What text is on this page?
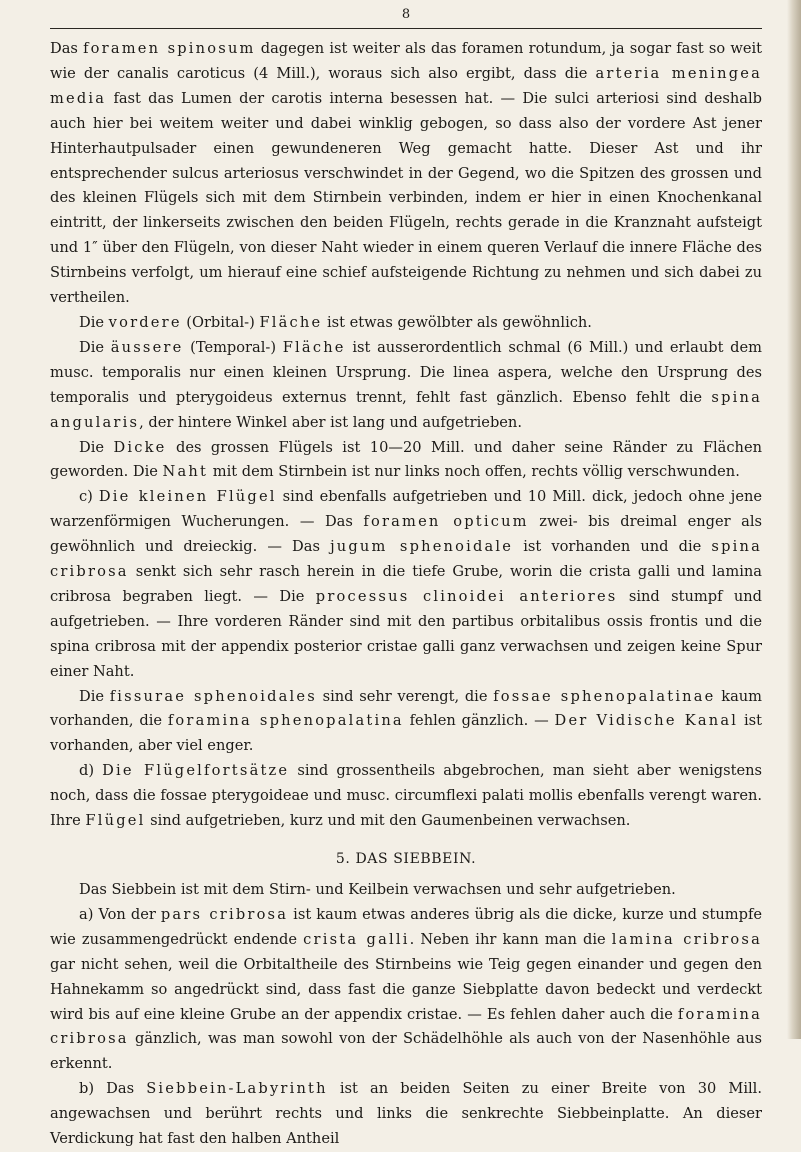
8

Das foramen spinosum dagegen ist weiter als das foramen rotundum, ja sogar fast so weit wie der canalis caroticus (4 Mill.), woraus sich also ergibt, dass die arteria meningea media fast das Lumen der carotis interna besessen hat. — Die sulci arteriosi sind deshalb auch hier bei weitem weiter und dabei winklig gebogen, so dass also der vordere Ast jener Hinterhautpulsader einen gewundeneren Weg gemacht hatte. Dieser Ast und ihr entsprechender sulcus arteriosus verschwindet in der Gegend, wo die Spitzen des grossen und des kleinen Flügels sich mit dem Stirnbein verbinden, indem er hier in einen Knochenkanal eintritt, der linkerseits zwischen den beiden Flügeln, rechts gerade in die Kranznaht aufsteigt und 1″ über den Flügeln, von dieser Naht wieder in einem queren Verlauf die innere Fläche des Stirnbeins verfolgt, um hierauf eine schief aufsteigende Richtung zu nehmen und sich dabei zu vertheilen.

Die vordere (Orbital-) Fläche ist etwas gewölbter als gewöhnlich.

Die äussere (Temporal-) Fläche ist ausserordentlich schmal (6 Mill.) und erlaubt dem musc. temporalis nur einen kleinen Ursprung. Die linea aspera, welche den Ursprung des temporalis und pterygoideus externus trennt, fehlt fast gänzlich. Ebenso fehlt die spina angularis, der hintere Winkel aber ist lang und aufgetrieben.

Die Dicke des grossen Flügels ist 10—20 Mill. und daher seine Ränder zu Flächen geworden. Die Naht mit dem Stirnbein ist nur links noch offen, rechts völlig verschwunden.

c) Die kleinen Flügel sind ebenfalls aufgetrieben und 10 Mill. dick, jedoch ohne jene warzenförmigen Wucherungen. — Das foramen opticum zwei- bis dreimal enger als gewöhnlich und dreieckig. — Das jugum sphenoidale ist vorhanden und die spina cribrosa senkt sich sehr rasch herein in die tiefe Grube, worin die crista galli und lamina cribrosa begraben liegt. — Die processus clinoidei anteriores sind stumpf und aufgetrieben. — Ihre vorderen Ränder sind mit den partibus orbitalibus ossis frontis und die spina cribrosa mit der appendix posterior cristae galli ganz verwachsen und zeigen keine Spur einer Naht.

Die fissurae sphenoidales sind sehr verengt, die fossae sphenopalatinae kaum vorhanden, die foramina sphenopalatina fehlen gänzlich. — Der Vidische Kanal ist vorhanden, aber viel enger.

d) Die Flügelfortsätze sind grossentheils abgebrochen, man sieht aber wenigstens noch, dass die fossae pterygoideae und musc. circumflexi palati mollis ebenfalls verengt waren. Ihre Flügel sind aufgetrieben, kurz und mit den Gaumenbeinen verwachsen.

5. DAS SIEBBEIN.

Das Siebbein ist mit dem Stirn- und Keilbein verwachsen und sehr aufgetrieben.

a) Von der pars cribrosa ist kaum etwas anderes übrig als die dicke, kurze und stumpfe wie zusammengedrückt endende crista galli. Neben ihr kann man die lamina cribrosa gar nicht sehen, weil die Orbitaltheile des Stirnbeins wie Teig gegen einander und gegen den Hahnekamm so angedrückt sind, dass fast die ganze Siebplatte davon bedeckt und verdeckt wird bis auf eine kleine Grube an der appendix cristae. — Es fehlen daher auch die foramina cribrosa gänzlich, was man sowohl von der Schädelhöhle als auch von der Nasenhöhle aus erkennt.

b) Das Siebbein-Labyrinth ist an beiden Seiten zu einer Breite von 30 Mill. angewachsen und berührt rechts und links die senkrechte Siebbeinplatte. An dieser Verdickung hat fast den halben Antheil
